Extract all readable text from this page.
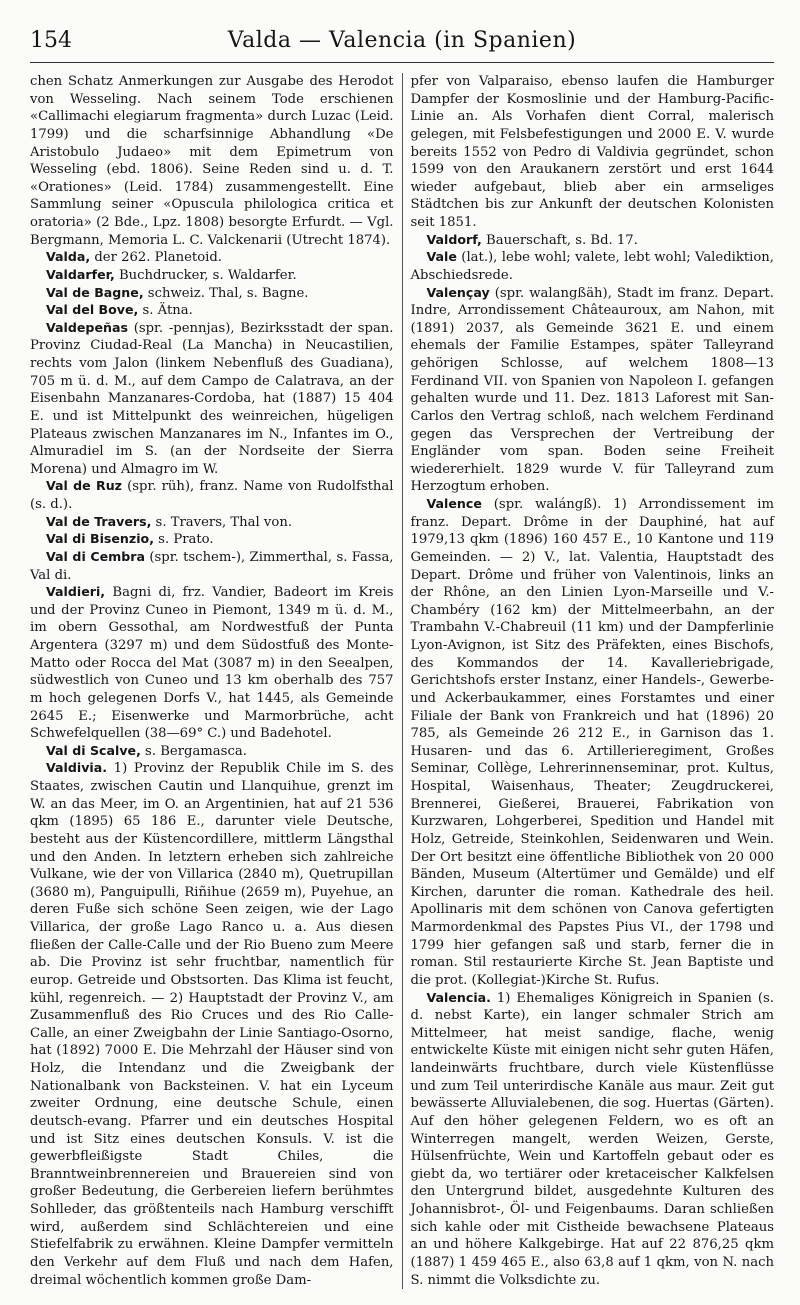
154	Valda — Valencia (in Spanien)

chen Schatz Anmerkungen zur Ausgabe des Herodot von Wesseling. Nach seinem Tode erschienen «Callimachi elegiarum fragmenta» durch Luzac (Leid. 1799) und die scharfsinnige Abhandlung «De Aristobulo Judaeo» mit dem Epimetrum von Wesseling (ebd. 1806). Seine Reden sind u. d. T. «Orationes» (Leid. 1784) zusammengestellt. Eine Sammlung seiner «Opuscula philologica critica et oratoria» (2 Bde., Lpz. 1808) besorgte Erfurdt. — Vgl. Bergmann, Memoria L. C. Valckenarii (Utrecht 1874).

Valda, der 262. Planetoid.

Valdarfer, Buchdrucker, s. Waldarfer.

Val de Bagne, schweiz. Thal, s. Bagne.

Val del Bove, s. Ätna.

Valdepeñas (spr. -pennjas), Bezirksstadt der span. Provinz Ciudad-Real (La Mancha) in Neucastilien, rechts vom Jalon (linkem Nebenfluß des Guadiana), 705 m ü. d. M., auf dem Campo de Calatrava, an der Eisenbahn Manzanares-Cordoba, hat (1887) 15 404 E. und ist Mittelpunkt des weinreichen, hügeligen Plateaus zwischen Manzanares im N., Infantes im O., Almuradiel im S. (an der Nordseite der Sierra Morena) und Almagro im W.

Val de Ruz (spr. rüh), franz. Name von Rudolfsthal (s. d.).

Val de Travers, s. Travers, Thal von.

Val di Bisenzio, s. Prato.

Val di Cembra (spr. tschem-), Zimmerthal, s. Fassa, Val di.

Valdieri, Bagni di, frz. Vandier, Badeort im Kreis und der Provinz Cuneo in Piemont, 1349 m ü. d. M., im obern Gessothal, am Nordwestfuß der Punta Argentera (3297 m) und dem Südostfuß des Monte-Matto oder Rocca del Mat (3087 m) in den Seealpen, südwestlich von Cuneo und 13 km oberhalb des 757 m hoch gelegenen Dorfs V., hat 1445, als Gemeinde 2645 E.; Eisenwerke und Marmorbrüche, acht Schwefelquellen (38—69° C.) und Badehotel.

Val di Scalve, s. Bergamasca.

Valdivia. 1) Provinz der Republik Chile im S. des Staates, zwischen Cautin und Llanquihue, grenzt im W. an das Meer, im O. an Argentinien, hat auf 21 536 qkm (1895) 65 186 E., darunter viele Deutsche, besteht aus der Küstencordillere, mittlerm Längsthal und den Anden. In letztern erheben sich zahlreiche Vulkane, wie der von Villarica (2840 m), Quetrupillan (3680 m), Panguipulli, Riñihue (2659 m), Puyehue, an deren Fuße sich schöne Seen zeigen, wie der Lago Villarica, der große Lago Ranco u. a. Aus diesen fließen der Calle-Calle und der Rio Bueno zum Meere ab. Die Provinz ist sehr fruchtbar, namentlich für europ. Getreide und Obstsorten. Das Klima ist feucht, kühl, regenreich. — 2) Hauptstadt der Provinz V., am Zusammenfluß des Rio Cruces und des Rio Calle-Calle, an einer Zweigbahn der Linie Santiago-Osorno, hat (1892) 7000 E. Die Mehrzahl der Häuser sind von Holz, die Intendanz und die Zweigbank der Nationalbank von Backsteinen. V. hat ein Lyceum zweiter Ordnung, eine deutsche Schule, einen deutsch-evang. Pfarrer und ein deutsches Hospital und ist Sitz eines deutschen Konsuls. V. ist die gewerbfleißigste Stadt Chiles, die Branntweinbrennereien und Brauereien sind von großer Bedeutung, die Gerbereien liefern berühmtes Sohlleder, das größtenteils nach Hamburg verschifft wird, außerdem sind Schlächtereien und eine Stiefelfabrik zu erwähnen. Kleine Dampfer vermitteln den Verkehr auf dem Fluß und nach dem Hafen, dreimal wöchentlich kommen große Dam-

pfer von Valparaiso, ebenso laufen die Hamburger Dampfer der Kosmoslinie und der Hamburg-Pacific-Linie an. Als Vorhafen dient Corral, malerisch gelegen, mit Felsbefestigungen und 2000 E. V. wurde bereits 1552 von Pedro di Valdivia gegründet, schon 1599 von den Araukanern zerstört und erst 1644 wieder aufgebaut, blieb aber ein armseliges Städtchen bis zur Ankunft der deutschen Kolonisten seit 1851.

Valdorf, Bauerschaft, s. Bd. 17.

Vale (lat.), lebe wohl; valete, lebt wohl; Valediktion, Abschiedsrede.

Valençay (spr. walangßäh), Stadt im franz. Depart. Indre, Arrondissement Châteauroux, am Nahon, mit (1891) 2037, als Gemeinde 3621 E. und einem ehemals der Familie Estampes, später Talleyrand gehörigen Schlosse, auf welchem 1808—13 Ferdinand VII. von Spanien von Napoleon I. gefangen gehalten wurde und 11. Dez. 1813 Laforest mit San-Carlos den Vertrag schloß, nach welchem Ferdinand gegen das Versprechen der Vertreibung der Engländer vom span. Boden seine Freiheit wiedererhielt. 1829 wurde V. für Talleyrand zum Herzogtum erhoben.

Valence (spr. walángß). 1) Arrondissement im franz. Depart. Drôme in der Dauphiné, hat auf 1979,13 qkm (1896) 160 457 E., 10 Kantone und 119 Gemeinden. — 2) V., lat. Valentia, Hauptstadt des Depart. Drôme und früher von Valentinois, links an der Rhône, an den Linien Lyon-Marseille und V.-Chambéry (162 km) der Mittelmeerbahn, an der Trambahn V.-Chabreuil (11 km) und der Dampferlinie Lyon-Avignon, ist Sitz des Präfekten, eines Bischofs, des Kommandos der 14. Kavalleriebrigade, Gerichtshofs erster Instanz, einer Handels-, Gewerbe- und Ackerbaukammer, eines Forstamtes und einer Filiale der Bank von Frankreich und hat (1896) 20 785, als Gemeinde 26 212 E., in Garnison das 1. Husaren- und das 6. Artillerieregiment, Großes Seminar, Collège, Lehrerinnenseminar, prot. Kultus, Hospital, Waisenhaus, Theater; Zeugdruckerei, Brennerei, Gießerei, Brauerei, Fabrikation von Kurzwaren, Lohgerberei, Spedition und Handel mit Holz, Getreide, Steinkohlen, Seidenwaren und Wein. Der Ort besitzt eine öffentliche Bibliothek von 20 000 Bänden, Museum (Altertümer und Gemälde) und elf Kirchen, darunter die roman. Kathedrale des heil. Apollinaris mit dem schönen von Canova gefertigten Marmordenkmal des Papstes Pius VI., der 1798 und 1799 hier gefangen saß und starb, ferner die in roman. Stil restaurierte Kirche St. Jean Baptiste und die prot. (Kollegiat-)Kirche St. Rufus.

Valencia. 1) Ehemaliges Königreich in Spanien (s. d. nebst Karte), ein langer schmaler Strich am Mittelmeer, hat meist sandige, flache, wenig entwickelte Küste mit einigen nicht sehr guten Häfen, landeinwärts fruchtbare, durch viele Küstenflüsse und zum Teil unterirdische Kanäle aus maur. Zeit gut bewässerte Alluvialebenen, die sog. Huertas (Gärten). Auf den höher gelegenen Feldern, wo es oft an Winterregen mangelt, werden Weizen, Gerste, Hülsenfrüchte, Wein und Kartoffeln gebaut oder es giebt da, wo tertiärer oder kretaceischer Kalkfelsen den Untergrund bildet, ausgedehnte Kulturen des Johannisbrot-, Öl- und Feigenbaums. Daran schließen sich kahle oder mit Cistheide bewachsene Plateaus an und höhere Kalkgebirge. Hat auf 22 876,25 qkm (1887) 1 459 465 E., also 63,8 auf 1 qkm, von N. nach S. nimmt die Volksdichte zu.
